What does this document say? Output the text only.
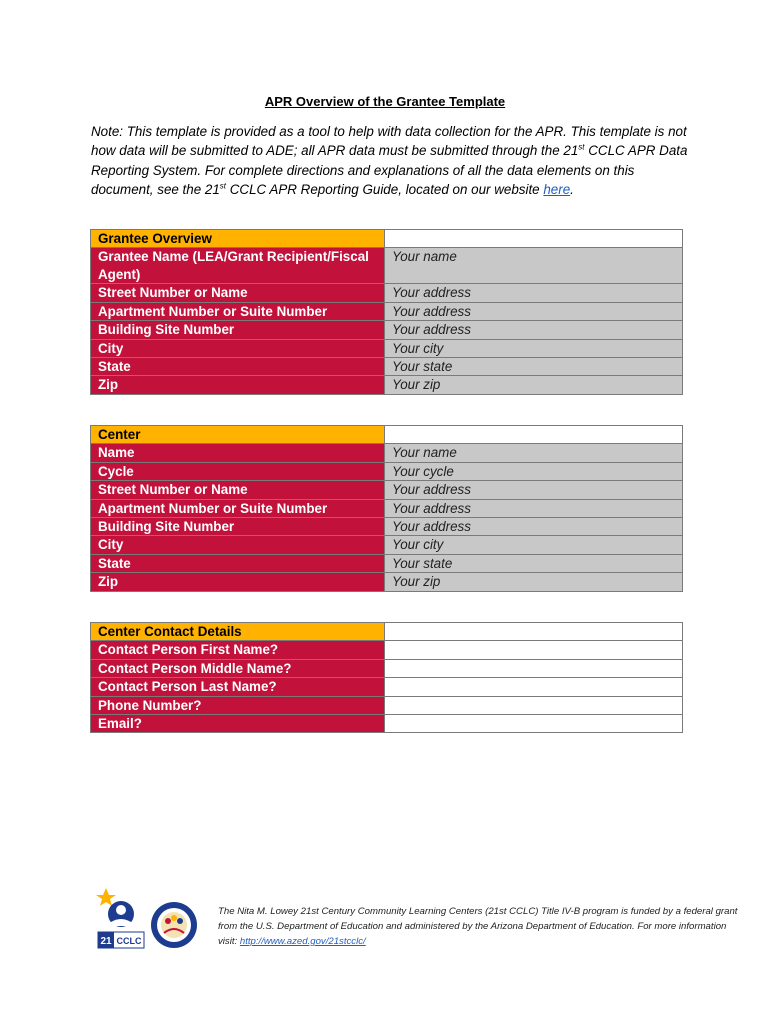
APR Overview of the Grantee Template
Note: This template is provided as a tool to help with data collection for the APR. This template is not how data will be submitted to ADE; all APR data must be submitted through the 21st CCLC APR Data Reporting System. For complete directions and explanations of all the data elements on this document, see the 21st CCLC APR Reporting Guide, located on our website here.
Grantee Overview	
Grantee Name (LEA/Grant Recipient/Fiscal Agent)	Your name
Street Number or Name	Your address
Apartment Number or Suite Number	Your address
Building Site Number	Your address
City	Your city
State	Your state
Zip	Your zip
Center	
Name	Your name
Cycle	Your cycle
Street Number or Name	Your address
Apartment Number or Suite Number	Your address
Building Site Number	Your address
City	Your city
State	Your state
Zip	Your zip
Center Contact Details	
Contact Person First Name?	
Contact Person Middle Name?	
Contact Person Last Name?	
Phone Number?	
Email?	
21 CCLC
The Nita M. Lowey 21st Century Community Learning Centers (21st CCLC) Title IV-B program is funded by a federal grant from the U.S. Department of Education and administered by the Arizona Department of Education. For more information visit: http://www.azed.gov/21stcclc/
